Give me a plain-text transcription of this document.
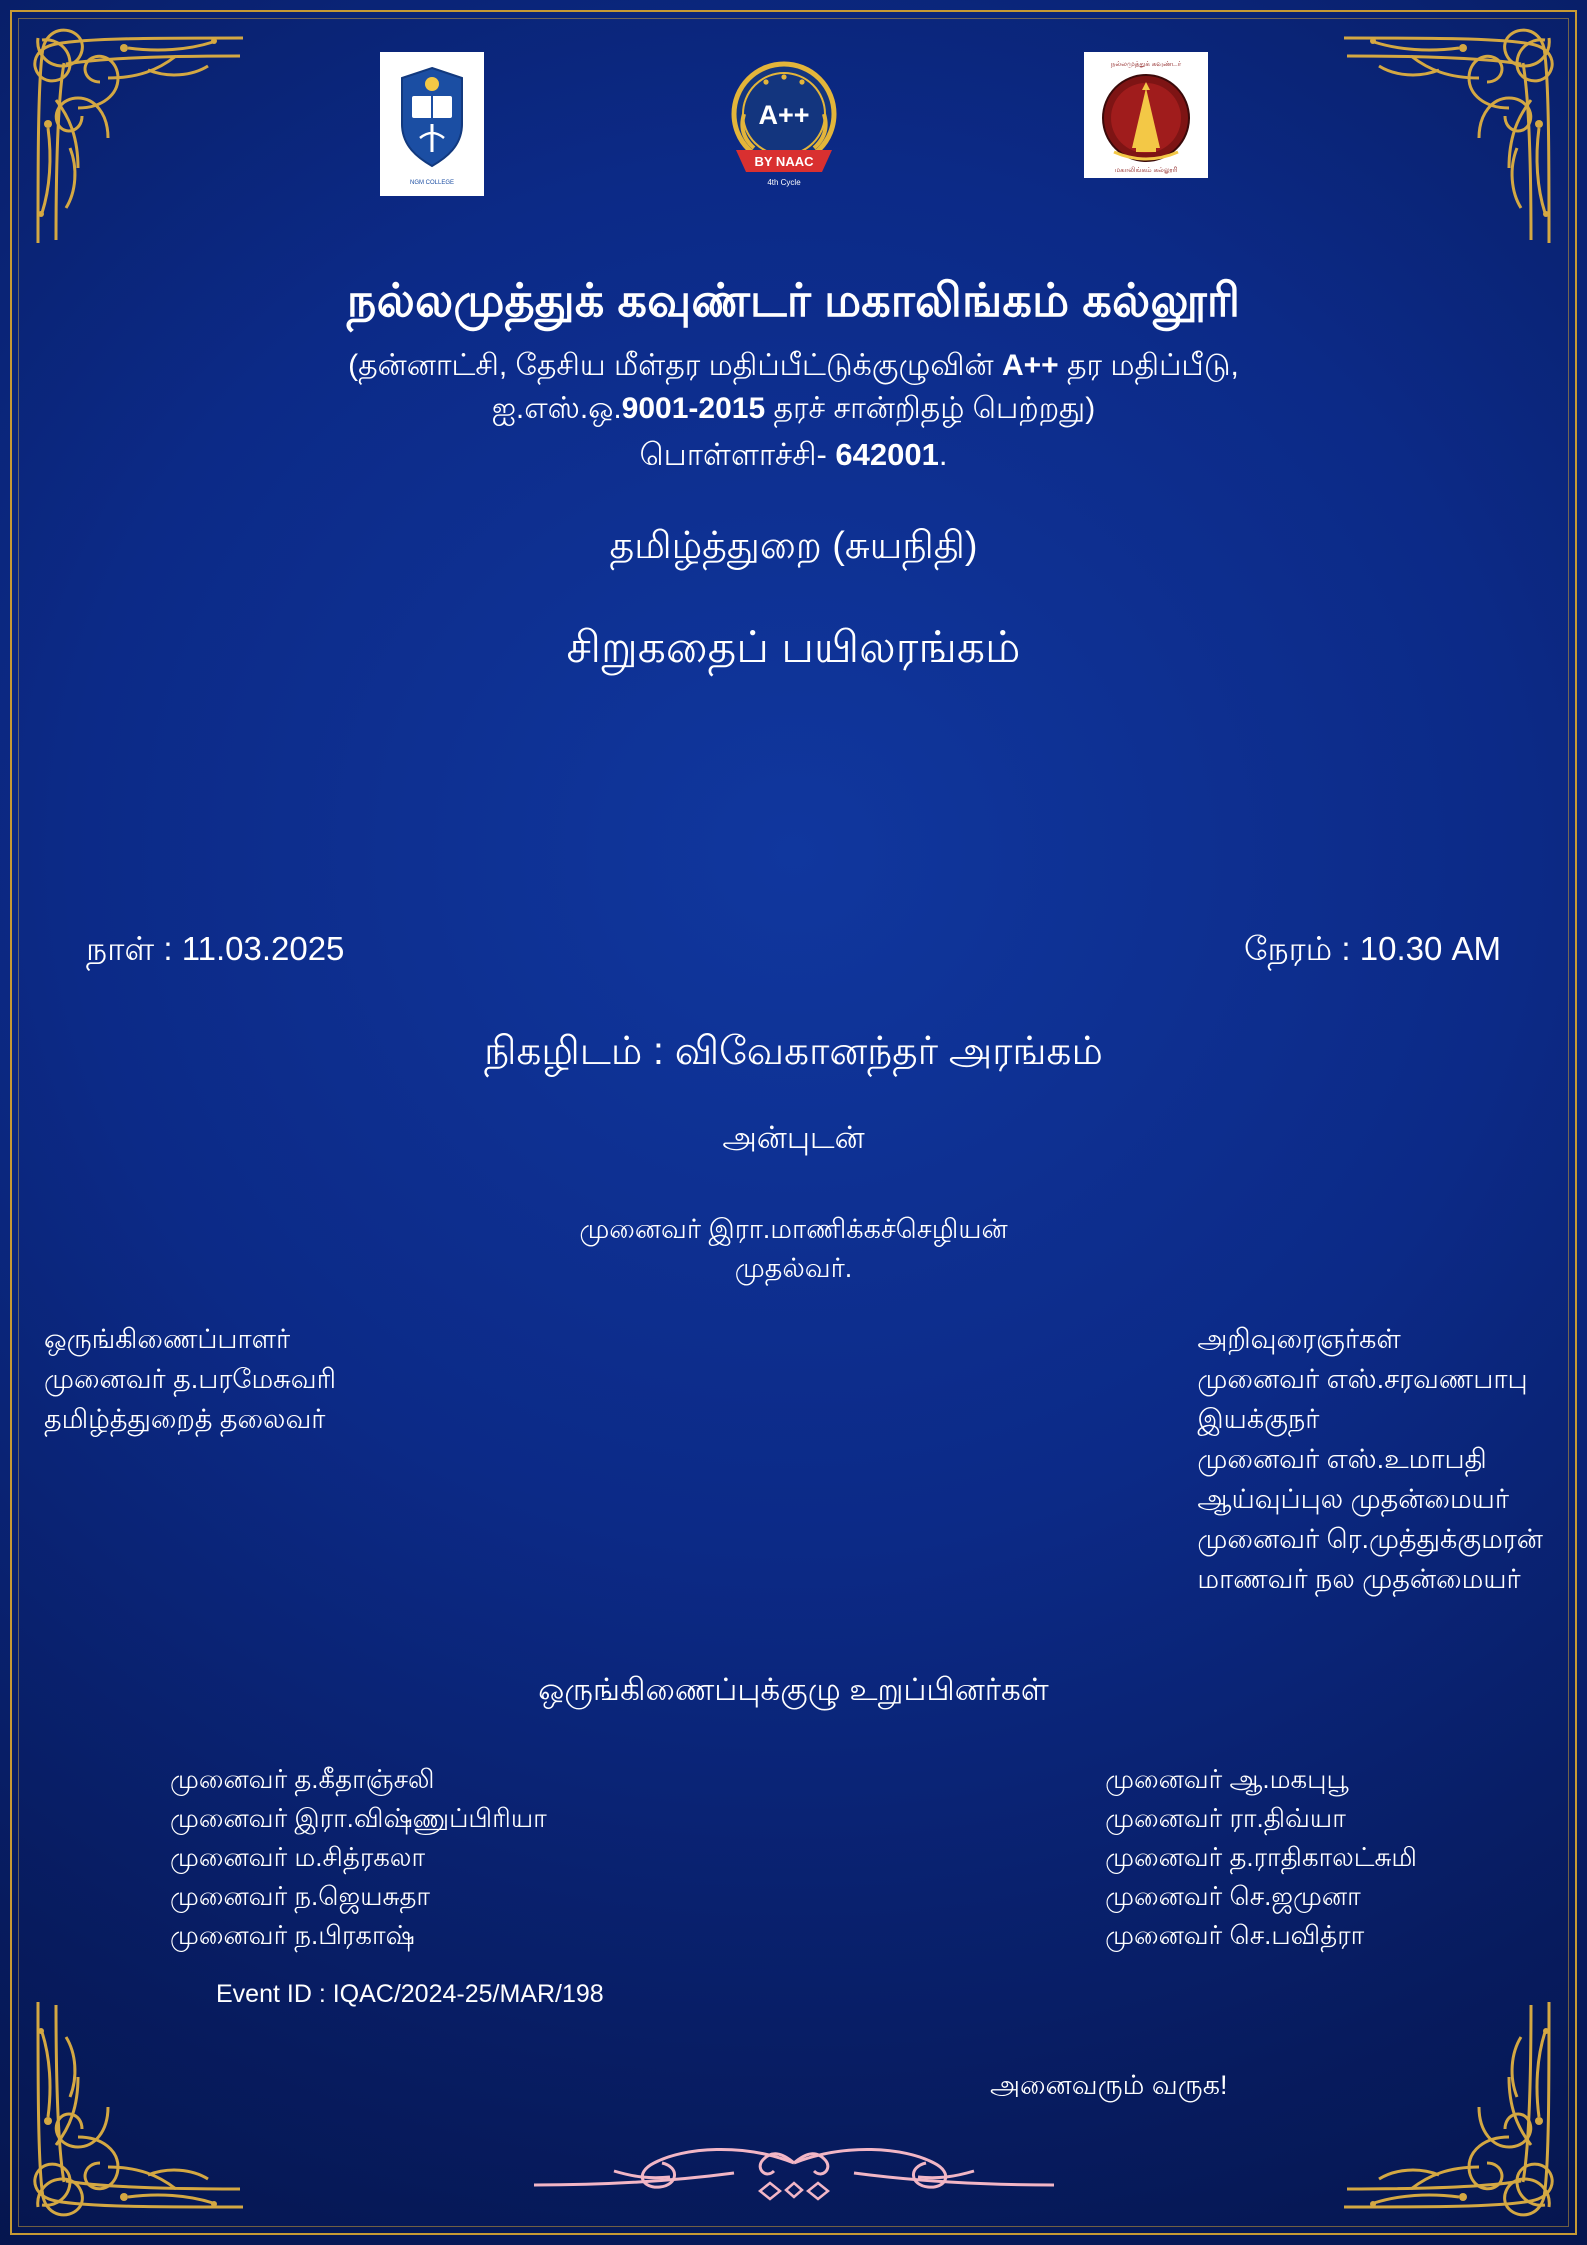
NGM COLLEGE
A++
BY NAAC
4th Cycle
நல்லமுத்துக் கவுண்டர்
மகாலிங்கம் கல்லூரி
நல்லமுத்துக் கவுண்டர் மகாலிங்கம் கல்லூரி
(தன்னாட்சி, தேசிய மீள்தர மதிப்பீட்டுக்குழுவின் A++ தர மதிப்பீடு,
ஐ.எஸ்.ஒ.9001-2015 தரச் சான்றிதழ் பெற்றது)
பொள்ளாச்சி- 642001.
தமிழ்த்துறை (சுயநிதி)
சிறுகதைப் பயிலரங்கம்
நாள் : 11.03.2025	நேரம் : 10.30 AM
நிகழிடம் : விவேகானந்தர் அரங்கம்
அன்புடன்
முனைவர் இரா.மாணிக்கச்செழியன்
முதல்வர்.
ஒருங்கிணைப்பாளர்
முனைவர் த.பரமேசுவரி
தமிழ்த்துறைத் தலைவர்
அறிவுரைஞர்கள்
முனைவர் எஸ்.சரவணபாபு
இயக்குநர்
முனைவர் எஸ்.உமாபதி
ஆய்வுப்புல முதன்மையர்
முனைவர் ரெ.முத்துக்குமரன்
மாணவர் நல முதன்மையர்
ஒருங்கிணைப்புக்குழு உறுப்பினர்கள்
முனைவர் த.கீதாஞ்சலி
முனைவர் இரா.விஷ்ணுப்பிரியா
முனைவர் ம.சித்ரகலா
முனைவர் ந.ஜெயசுதா
முனைவர் ந.பிரகாஷ்
முனைவர் ஆ.மகபுபூ
முனைவர் ரா.திவ்யா
முனைவர் த.ராதிகாலட்சுமி
முனைவர் செ.ஜமுனா
முனைவர் செ.பவித்ரா
Event ID : IQAC/2024-25/MAR/198
அனைவரும் வருக!
